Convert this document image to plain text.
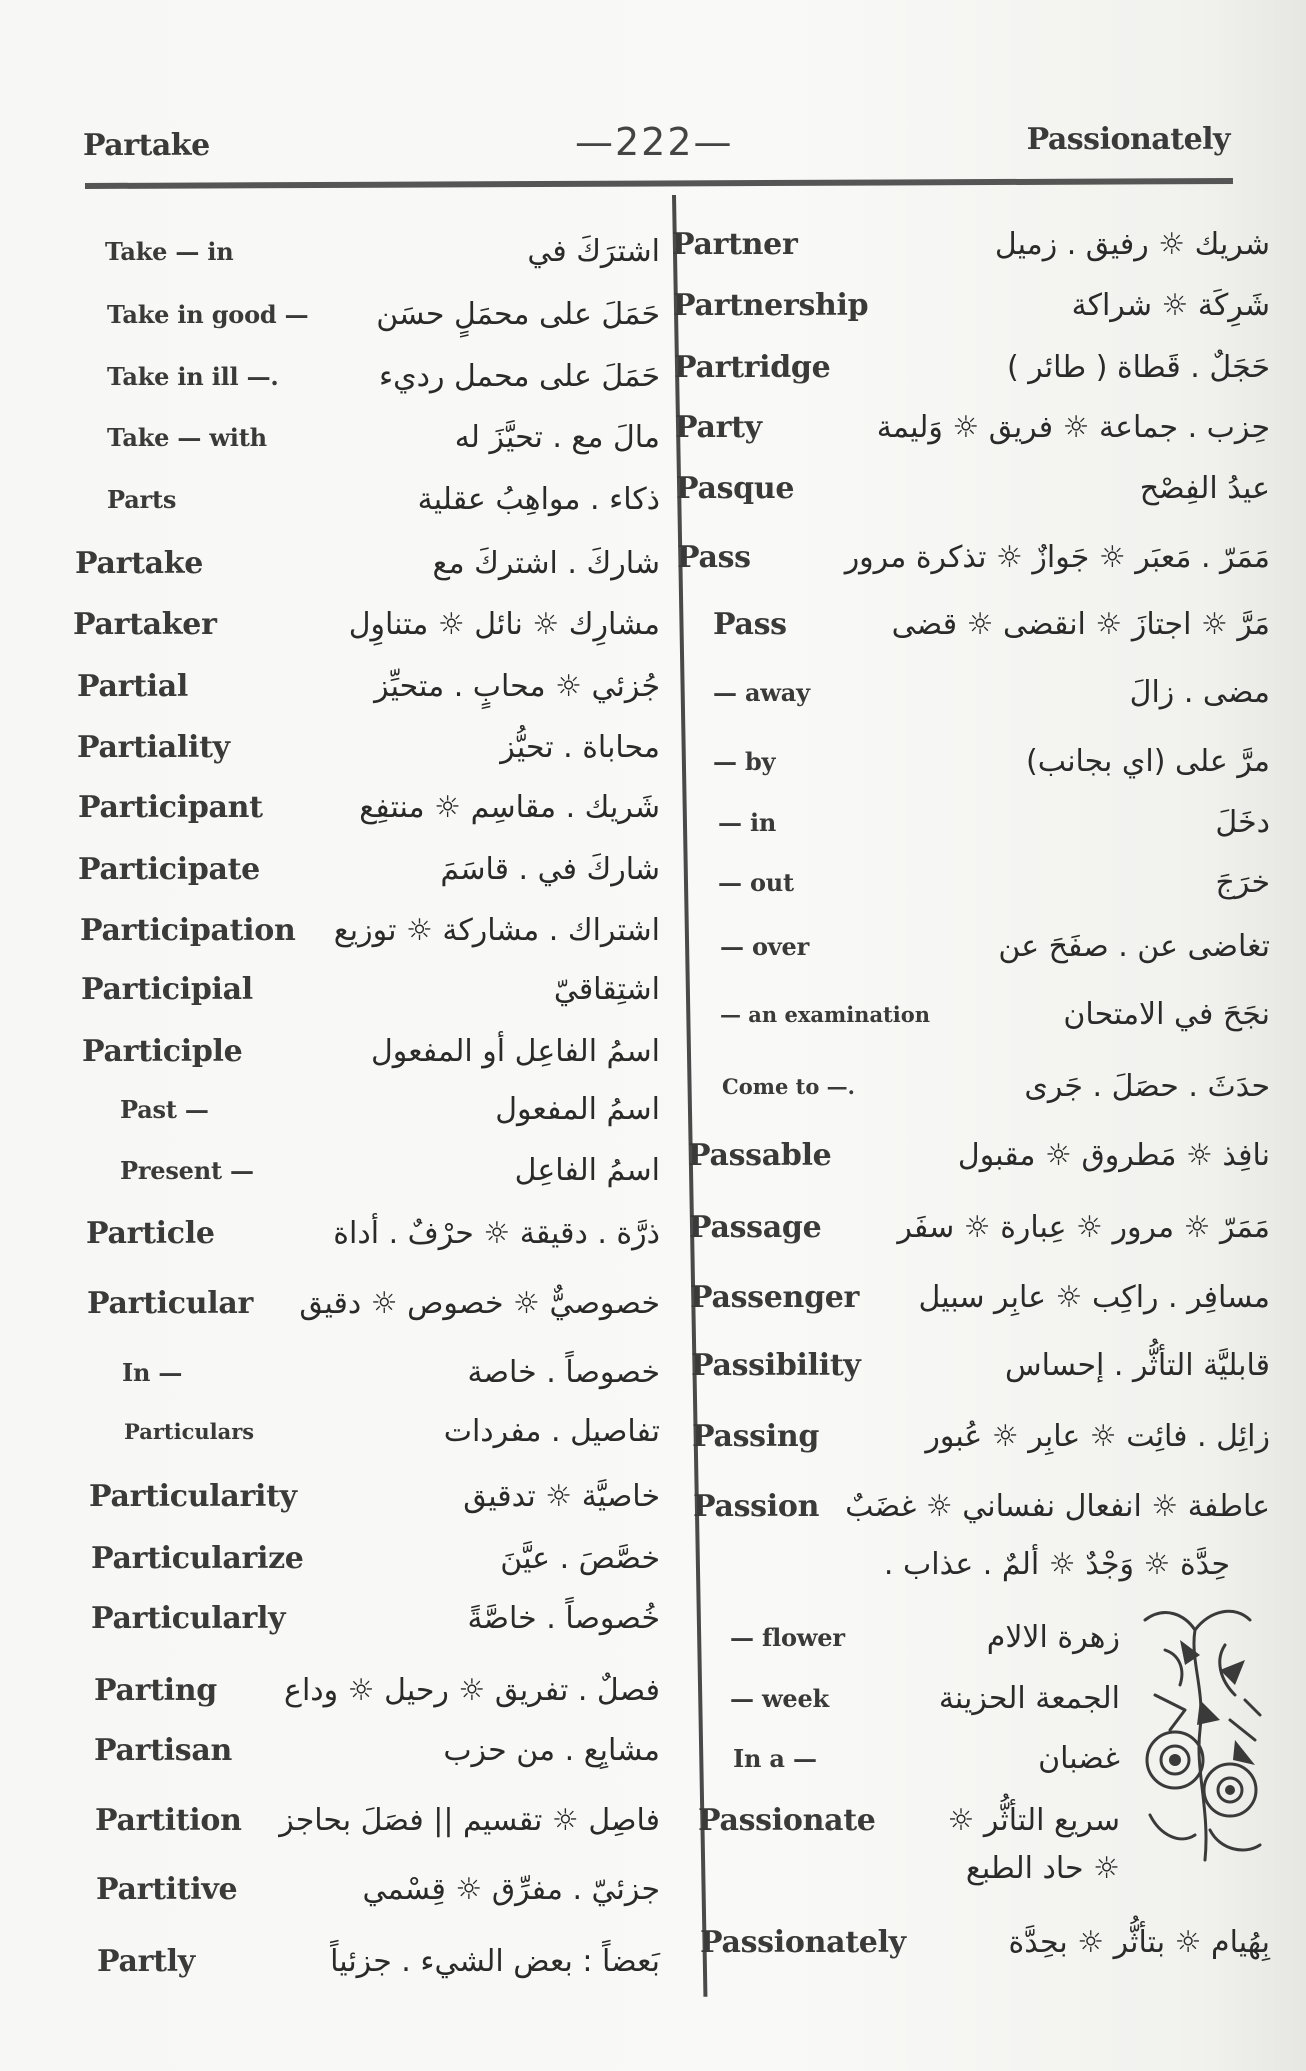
Partake	—222—	Passionately
Take — in	اشترَكَ في
Take in good — حَمَلَ على محمَلٍ حسَن
Take in ill —.	حَمَلَ على محمل رديء
Take — with	مالَ مع . تحيَّزَ له
Parts	ذكاء . مواهِبُ عقلية
Partake	شاركَ . اشتركَ مع
Partaker	مشارِك ☼ نائل ☼ متناوِل
Partial	جُزئي ☼ محابٍ . متحيِّز
Partiality	محاباة . تحيُّز
Participant	شَريك . مقاسِم ☼ منتفِع
Participate	شاركَ في . قاسَمَ
Participation اشتراك . مشاركة ☼ توزيع
Participial	اشتِقاقيّ
Participle	اسمُ الفاعِل أو المفعول
Past —	اسمُ المفعول
Present —	اسمُ الفاعِل
Particle	ذرَّة . دقيقة ☼ حرْفٌ . أداة
Particular خصوصيٌّ ☼ خصوص ☼ دقيق
In —	خصوصاً . خاصة
Particulars	تفاصيل . مفردات
Particularity	خاصيَّة ☼ تدقيق
Particularize	خصَّصَ . عيَّنَ
Particularly	خُصوصاً . خاصَّةً
Parting فصلٌ . تفريق ☼ رحيل ☼ وداع
Partisan	مشايِع . من حزب
Partition فاصِل ☼ تقسيم || فصَلَ بحاجز
Partitive	جزئيّ . مفرِّق ☼ قِسْمي
Partly	بَعضاً : بعض الشيء . جزئياً
Partner	شريك ☼ رفيق . زميل
Partnership	شَرِكَة ☼ شراكة
Partridge	حَجَلٌ . قَطاة ( طائر )
Party	حِزب . جماعة ☼ فريق ☼ وَليمة
Pasque	عيدُ الفِصْح
Pass	مَمَرّ . مَعبَر ☼ جَوازٌ ☼ تذكرة مرور
Pass	مَرَّ ☼ اجتازَ ☼ انقضى ☼ قضى
— away	مضى . زالَ
— by	مرَّ على (اي بجانب)
— in	دخَلَ
— out	خرَجَ
— over	تغاضى عن . صفَحَ عن
— an examination	نجَحَ في الامتحان
Come to —.	حدَثَ . حصَلَ . جَرى
Passable	نافِذ ☼ مَطروق ☼ مقبول
Passage	مَمَرّ ☼ مرور ☼ عِبارة ☼ سفَر
Passenger مسافِر . راكِب ☼ عابِر سبيل
Passibility	قابليَّة التأثُّر . إحساس
Passing	زائِل . فائِت ☼ عابِر ☼ عُبور
Passion عاطفة ☼ انفعال نفساني ☼ غضَبٌ
حِدَّة ☼ وَجْدٌ ☼ ألمٌ . عذاب .
— flower	زهرة الالام
— week	الجمعة الحزينة
In a —	غضبان
Passionate سريع التأثُّر ☼
☼ حاد الطبع
Passionately	بِهُيام ☼ بتأثُّر ☼ بحِدَّة
